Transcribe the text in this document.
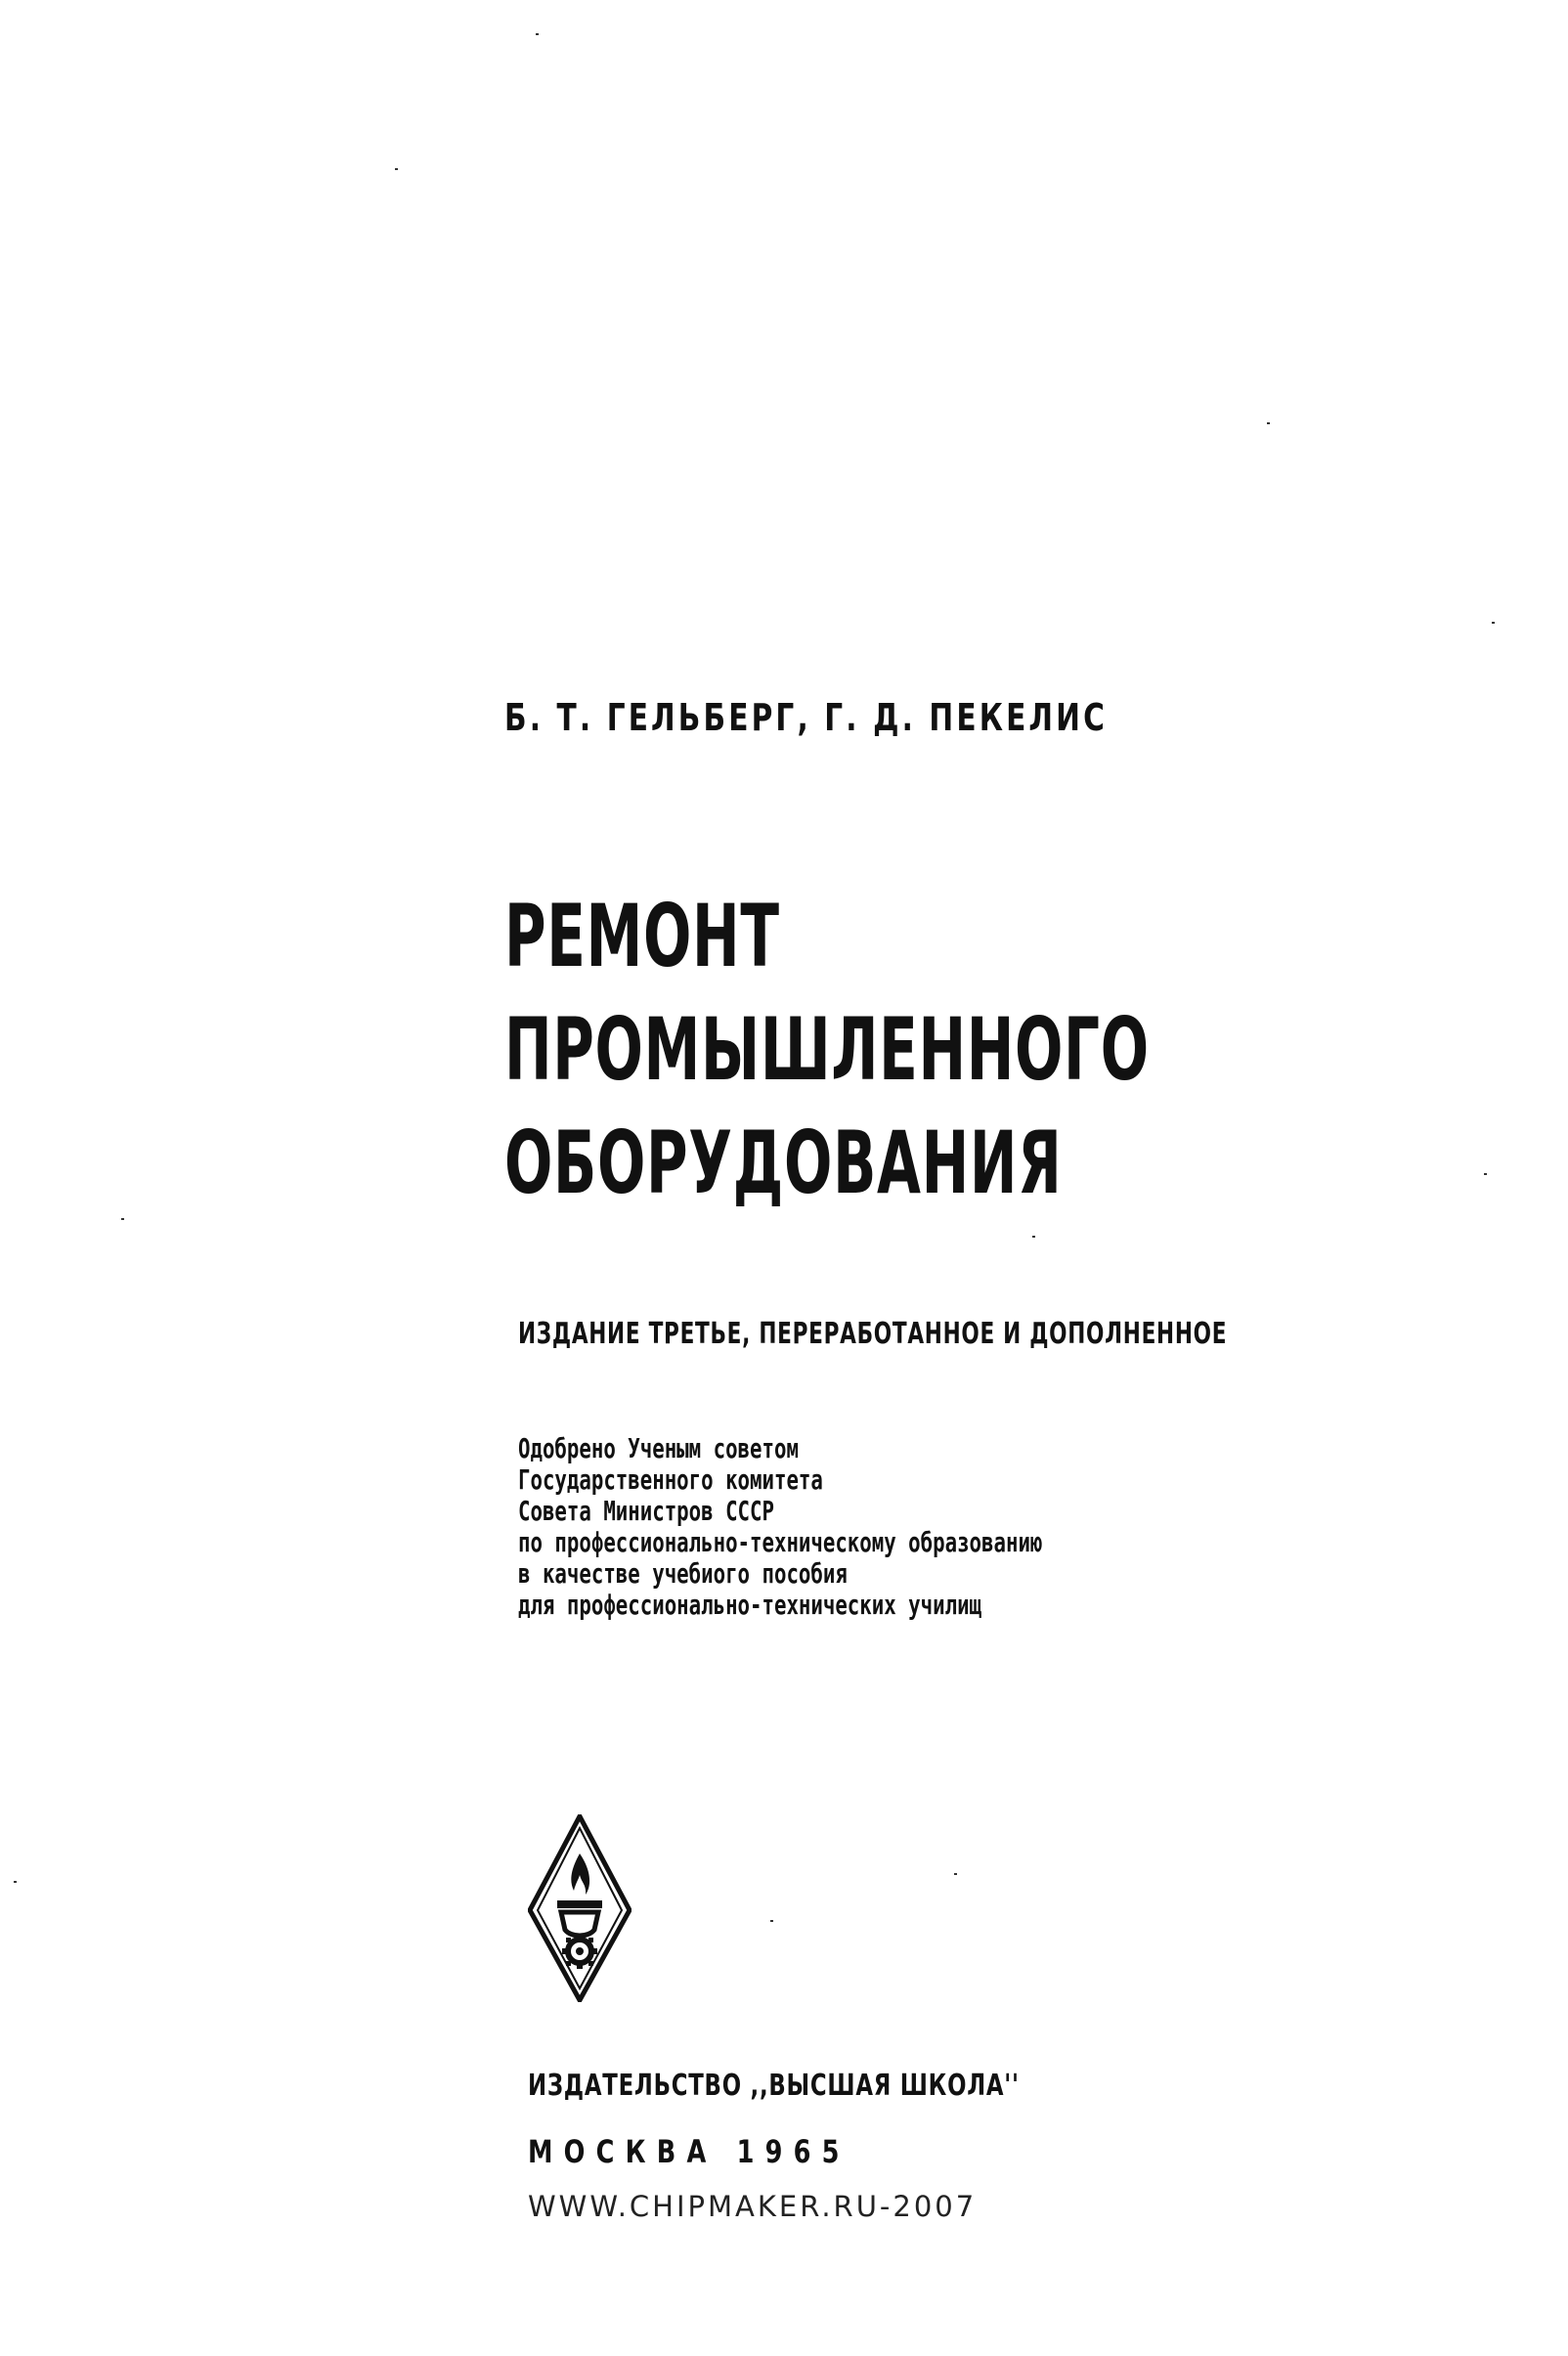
Б. Т. ГЕЛЬБЕРГ, Г. Д. ПЕКЕЛИС
РЕМОНТ
ПРОМЫШЛЕННОГО
ОБОРУДОВАНИЯ
ИЗДАНИЕ ТРЕТЬЕ, ПЕРЕРАБОТАННОЕ И ДОПОЛНЕННОЕ
Одобрено Ученым советом
Государственного комитета
Совета Министров СССР
по профессионально-техническому образованию
в качестве учебиого пособия
для профессионально-технических училищ
ИЗДАТЕЛЬСТВО ,,ВЫСШАЯ ШКОЛА''
МОСКВА 1965
WWW.CHIPMAKER.RU-2007
